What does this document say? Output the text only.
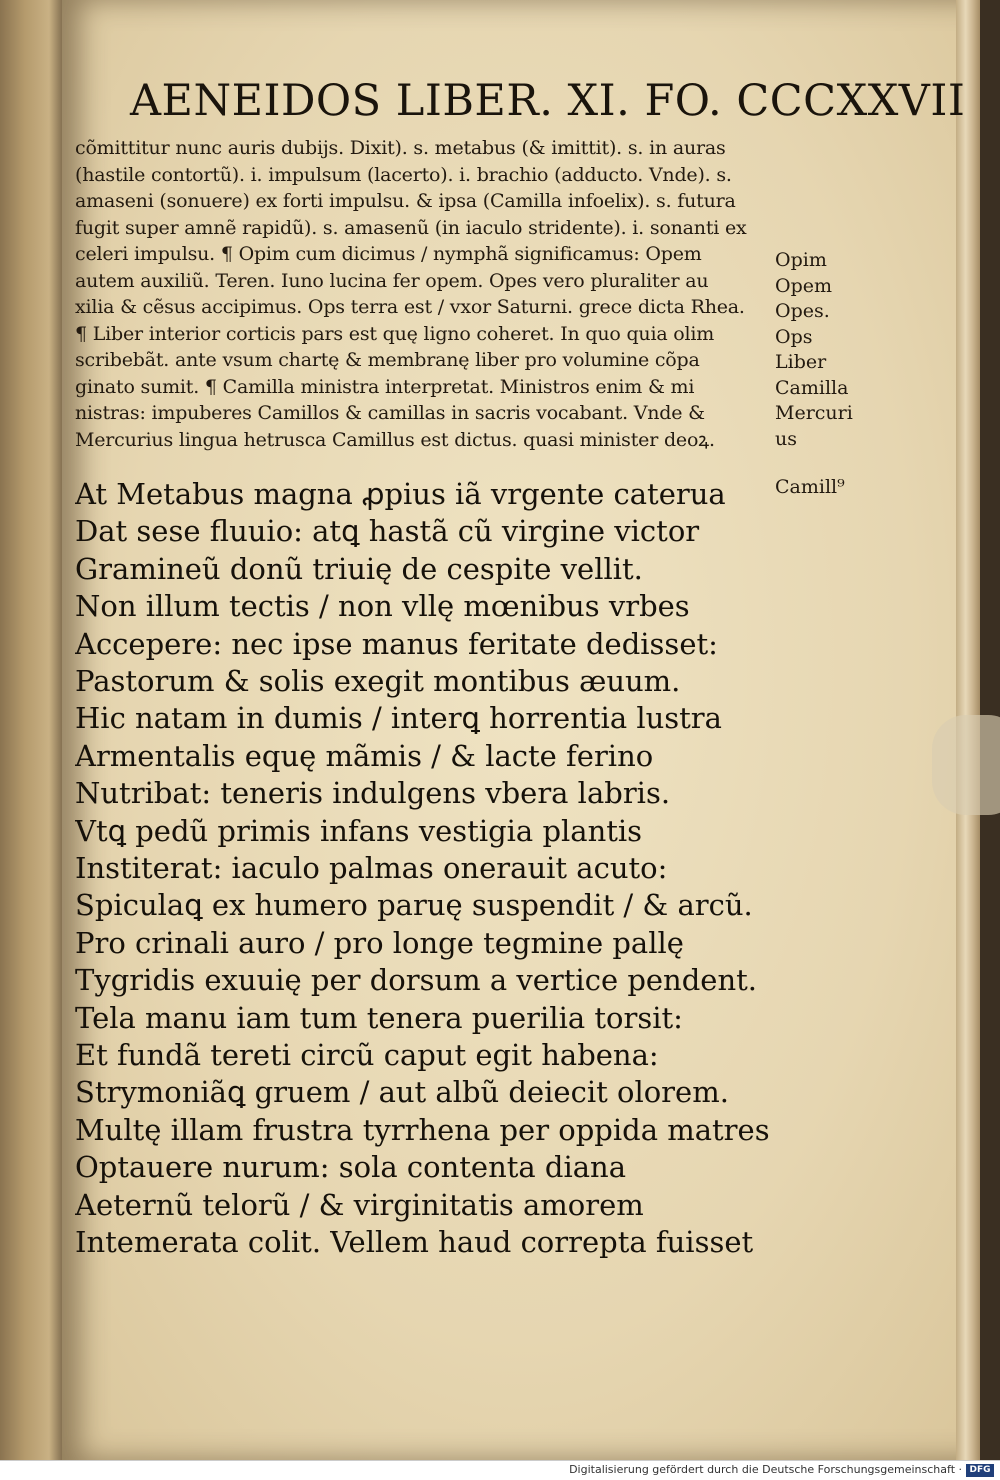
AENEIDOS LIBER. XI. FO. CCCXXVII
cõmittitur nunc auris dubijs. Dixit). s. metabus (& imittit). s. in auras
(hastile contortũ). i. impulsum (lacerto). i. brachio (adducto. Vnde). s.
amaseni (sonuere) ex forti impulsu. & ipsa (Camilla infoelix). s. futura
fugit super amnẽ rapidũ). s. amasenũ (in iaculo stridente). i. sonanti ex
celeri impulsu. ¶ Opim cum dicimus / nymphã significamus: Opem
autem auxiliũ. Teren. Iuno lucina fer opem. Opes vero pluraliter au
xilia & cẽsus accipimus. Ops terra est / vxor Saturni. grece dicta Rhea.
¶ Liber interior corticis pars est quę ligno coheret. In quo quia olim
scribebãt. ante vsum chartę & membranę liber pro volumine cõpa
ginato sumit. ¶ Camilla ministra interpretat. Ministros enim & mi
nistras: impuberes Camillos & camillas in sacris vocabant. Vnde &
Mercurius lingua hetrusca Camillus est dictus. quasi minister deoꝝ.
Opim
Opem
Opes.
Ops
Liber
Camilla
Mercuri
us
Camill⁹
At Metabus magna ꝓpius iã vrgente caterua
Dat sese fluuio: atꝗ hastã cũ virgine victor
Gramineũ donũ triuię de cespite vellit.
Non illum tectis / non vllę mœnibus vrbes
Accepere: nec ipse manus feritate dedisset:
Pastorum & solis exegit montibus æuum.
Hic natam in dumis / interꝗ horrentia lustra
Armentalis equę mãmis / & lacte ferino
Nutribat: teneris indulgens vbera labris.
Vtꝗ pedũ primis infans vestigia plantis
Institerat: iaculo palmas onerauit acuto:
Spiculaꝗ ex humero paruę suspendit / & arcũ.
Pro crinali auro / pro longe tegmine pallę
Tygridis exuuię per dorsum a vertice pendent.
Tela manu iam tum tenera puerilia torsit:
Et fundã tereti circũ caput egit habena:
Strymoniãꝗ gruem / aut albũ deiecit olorem.
Multę illam frustra tyrrhena per oppida matres
Optauere nurum: sola contenta diana
Aeternũ telorũ / & virginitatis amorem
Intemerata colit. Vellem haud correpta fuisset
Digitalisierung gefördert durch die Deutsche Forschungsgemeinschaft · DFG
